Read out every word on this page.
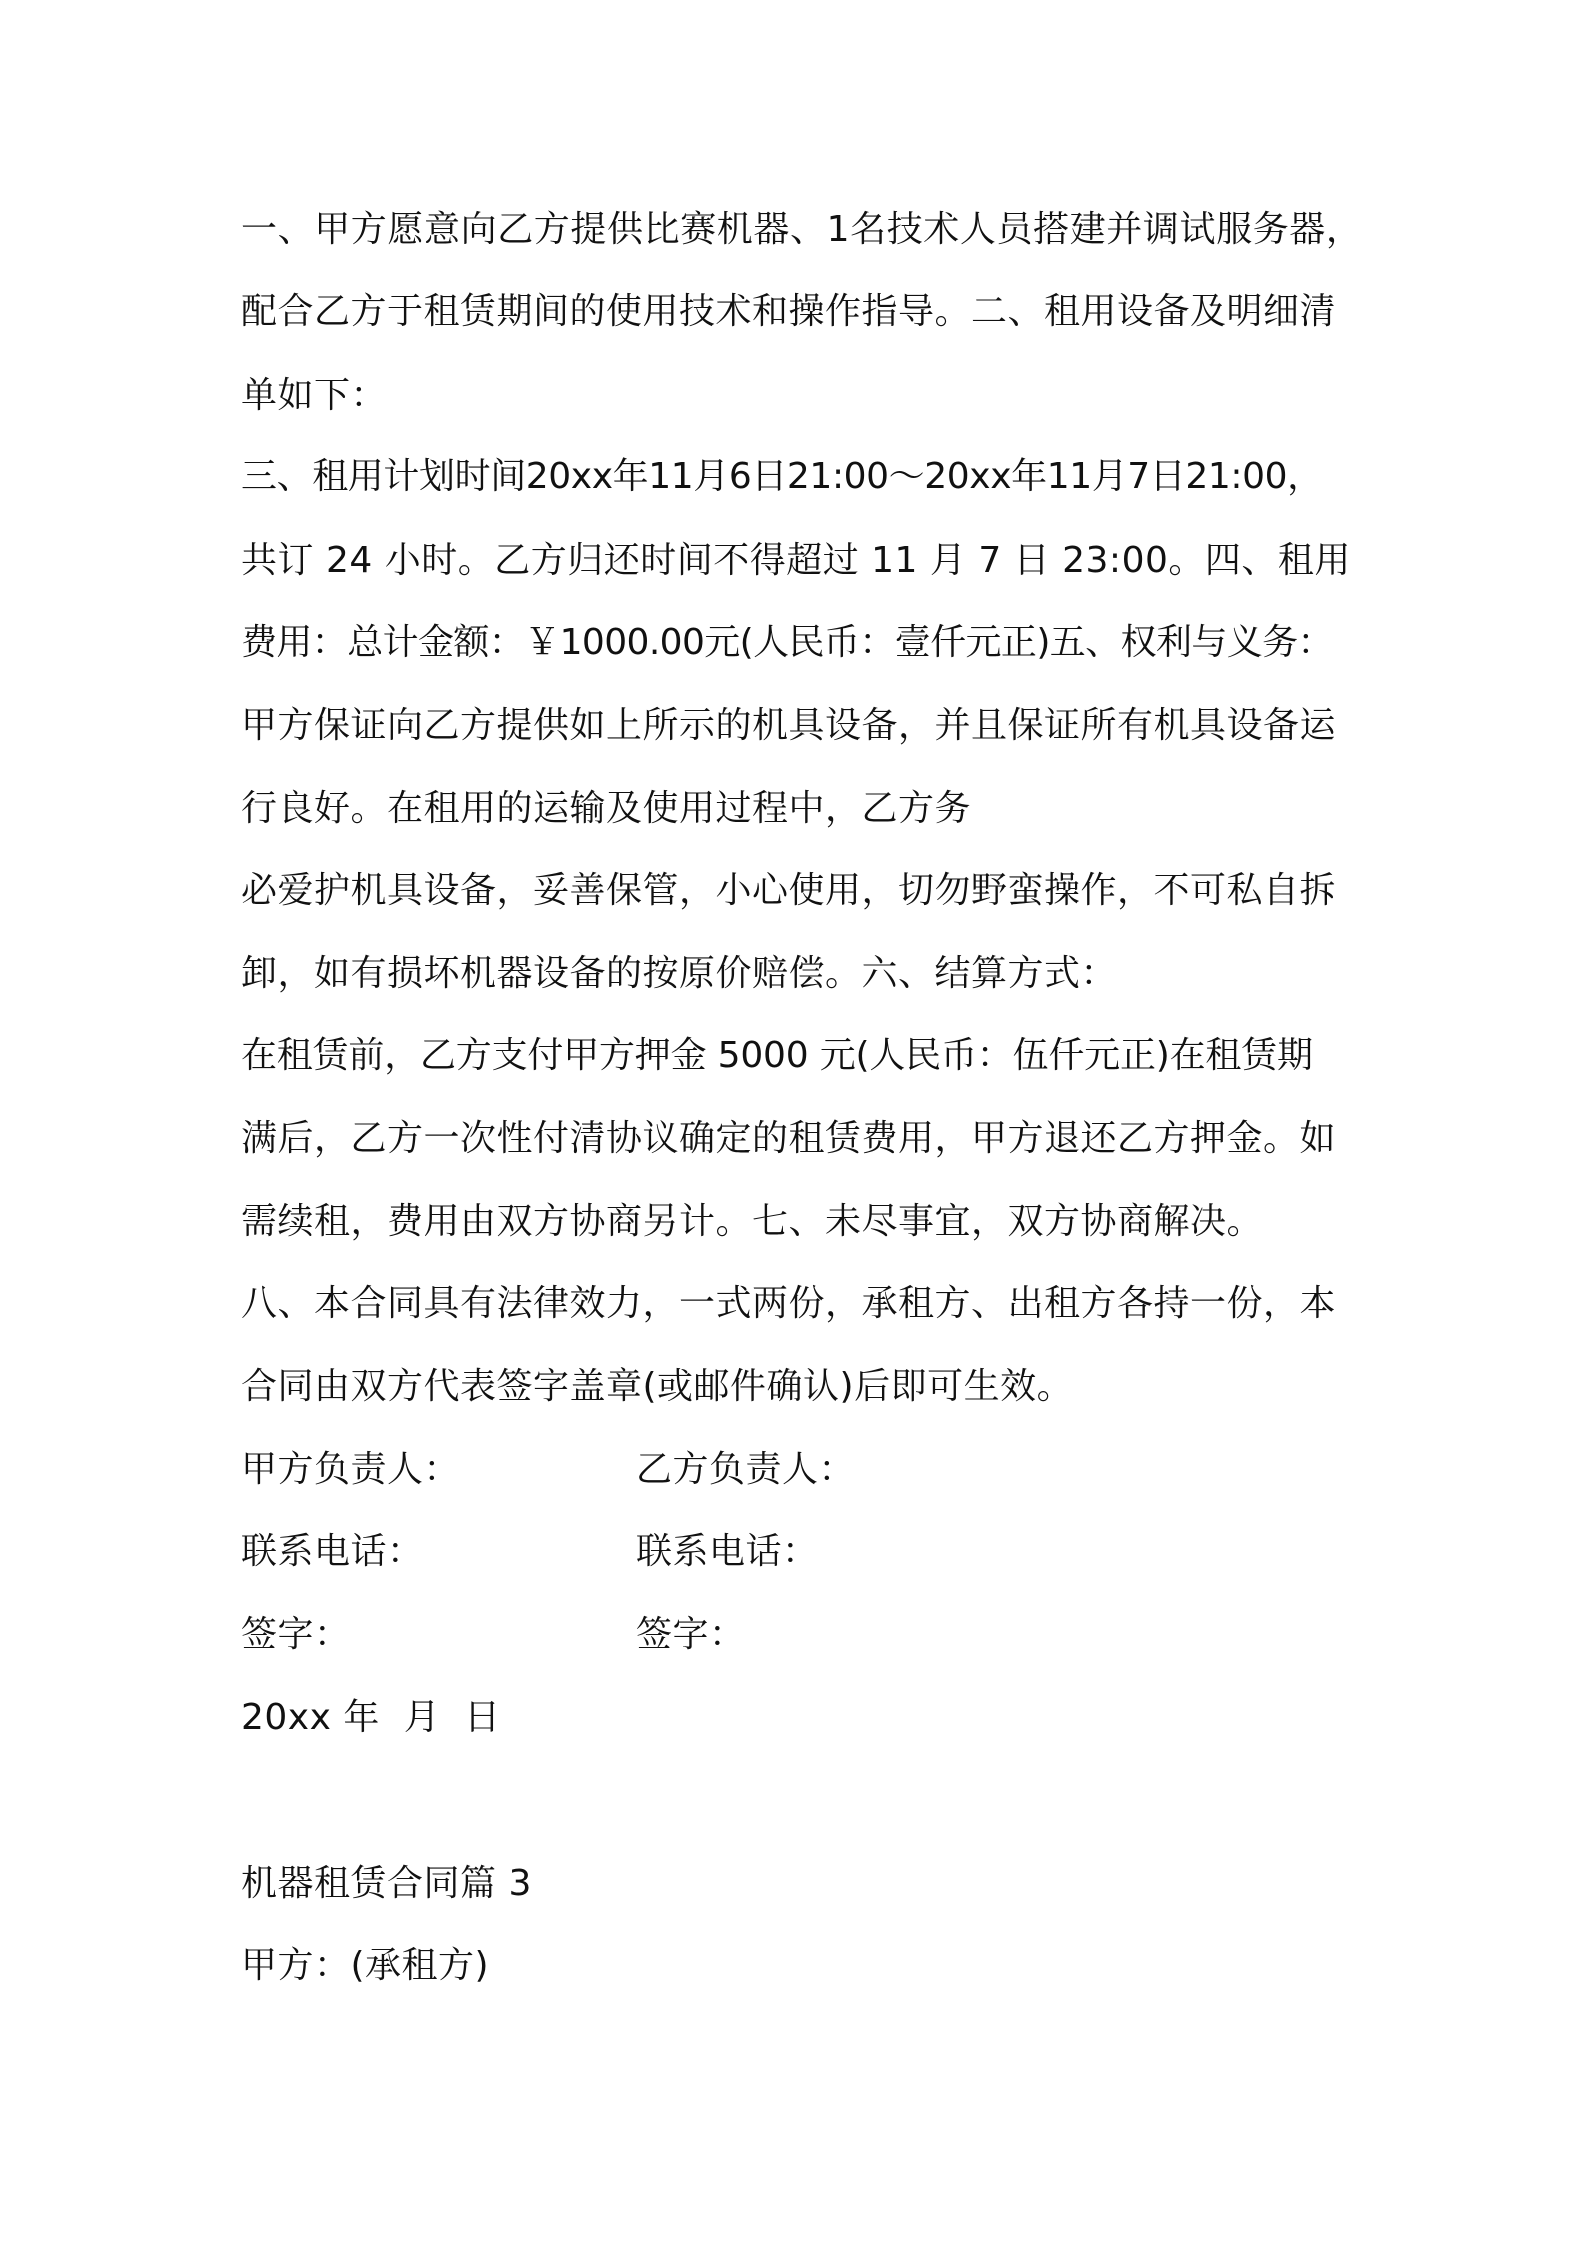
一、甲方愿意向乙方提供比赛机器、1名技术人员搭建并调试服务器，
配合乙方于租赁期间的使用技术和操作指导。二、租用设备及明细清
单如下：
三、租用计划时间20xx年11月6日21:00～20xx年11月7日21:00，
共订 24 小时。乙方归还时间不得超过 11 月 7 日 23:00。四、租用
费用：总计金额：￥1000.00元(人民币：壹仟元正)五、权利与义务：
甲方保证向乙方提供如上所示的机具设备，并且保证所有机具设备运
行良好。在租用的运输及使用过程中，乙方务
必爱护机具设备，妥善保管，小心使用，切勿野蛮操作，不可私自拆
卸，如有损坏机器设备的按原价赔偿。六、结算方式：
在租赁前，乙方支付甲方押金 5000 元(人民币：伍仟元正)在租赁期
满后，乙方一次性付清协议确定的租赁费用，甲方退还乙方押金。如
需续租，费用由双方协商另计。七、未尽事宜，双方协商解决。
八、本合同具有法律效力，一式两份，承租方、出租方各持一份，本
合同由双方代表签字盖章(或邮件确认)后即可生效。
甲方负责人：	乙方负责人：
联系电话：	联系电话：
签字：	签字：
20xx 年  月  日
机器租赁合同篇 3
甲方：(承租方)
